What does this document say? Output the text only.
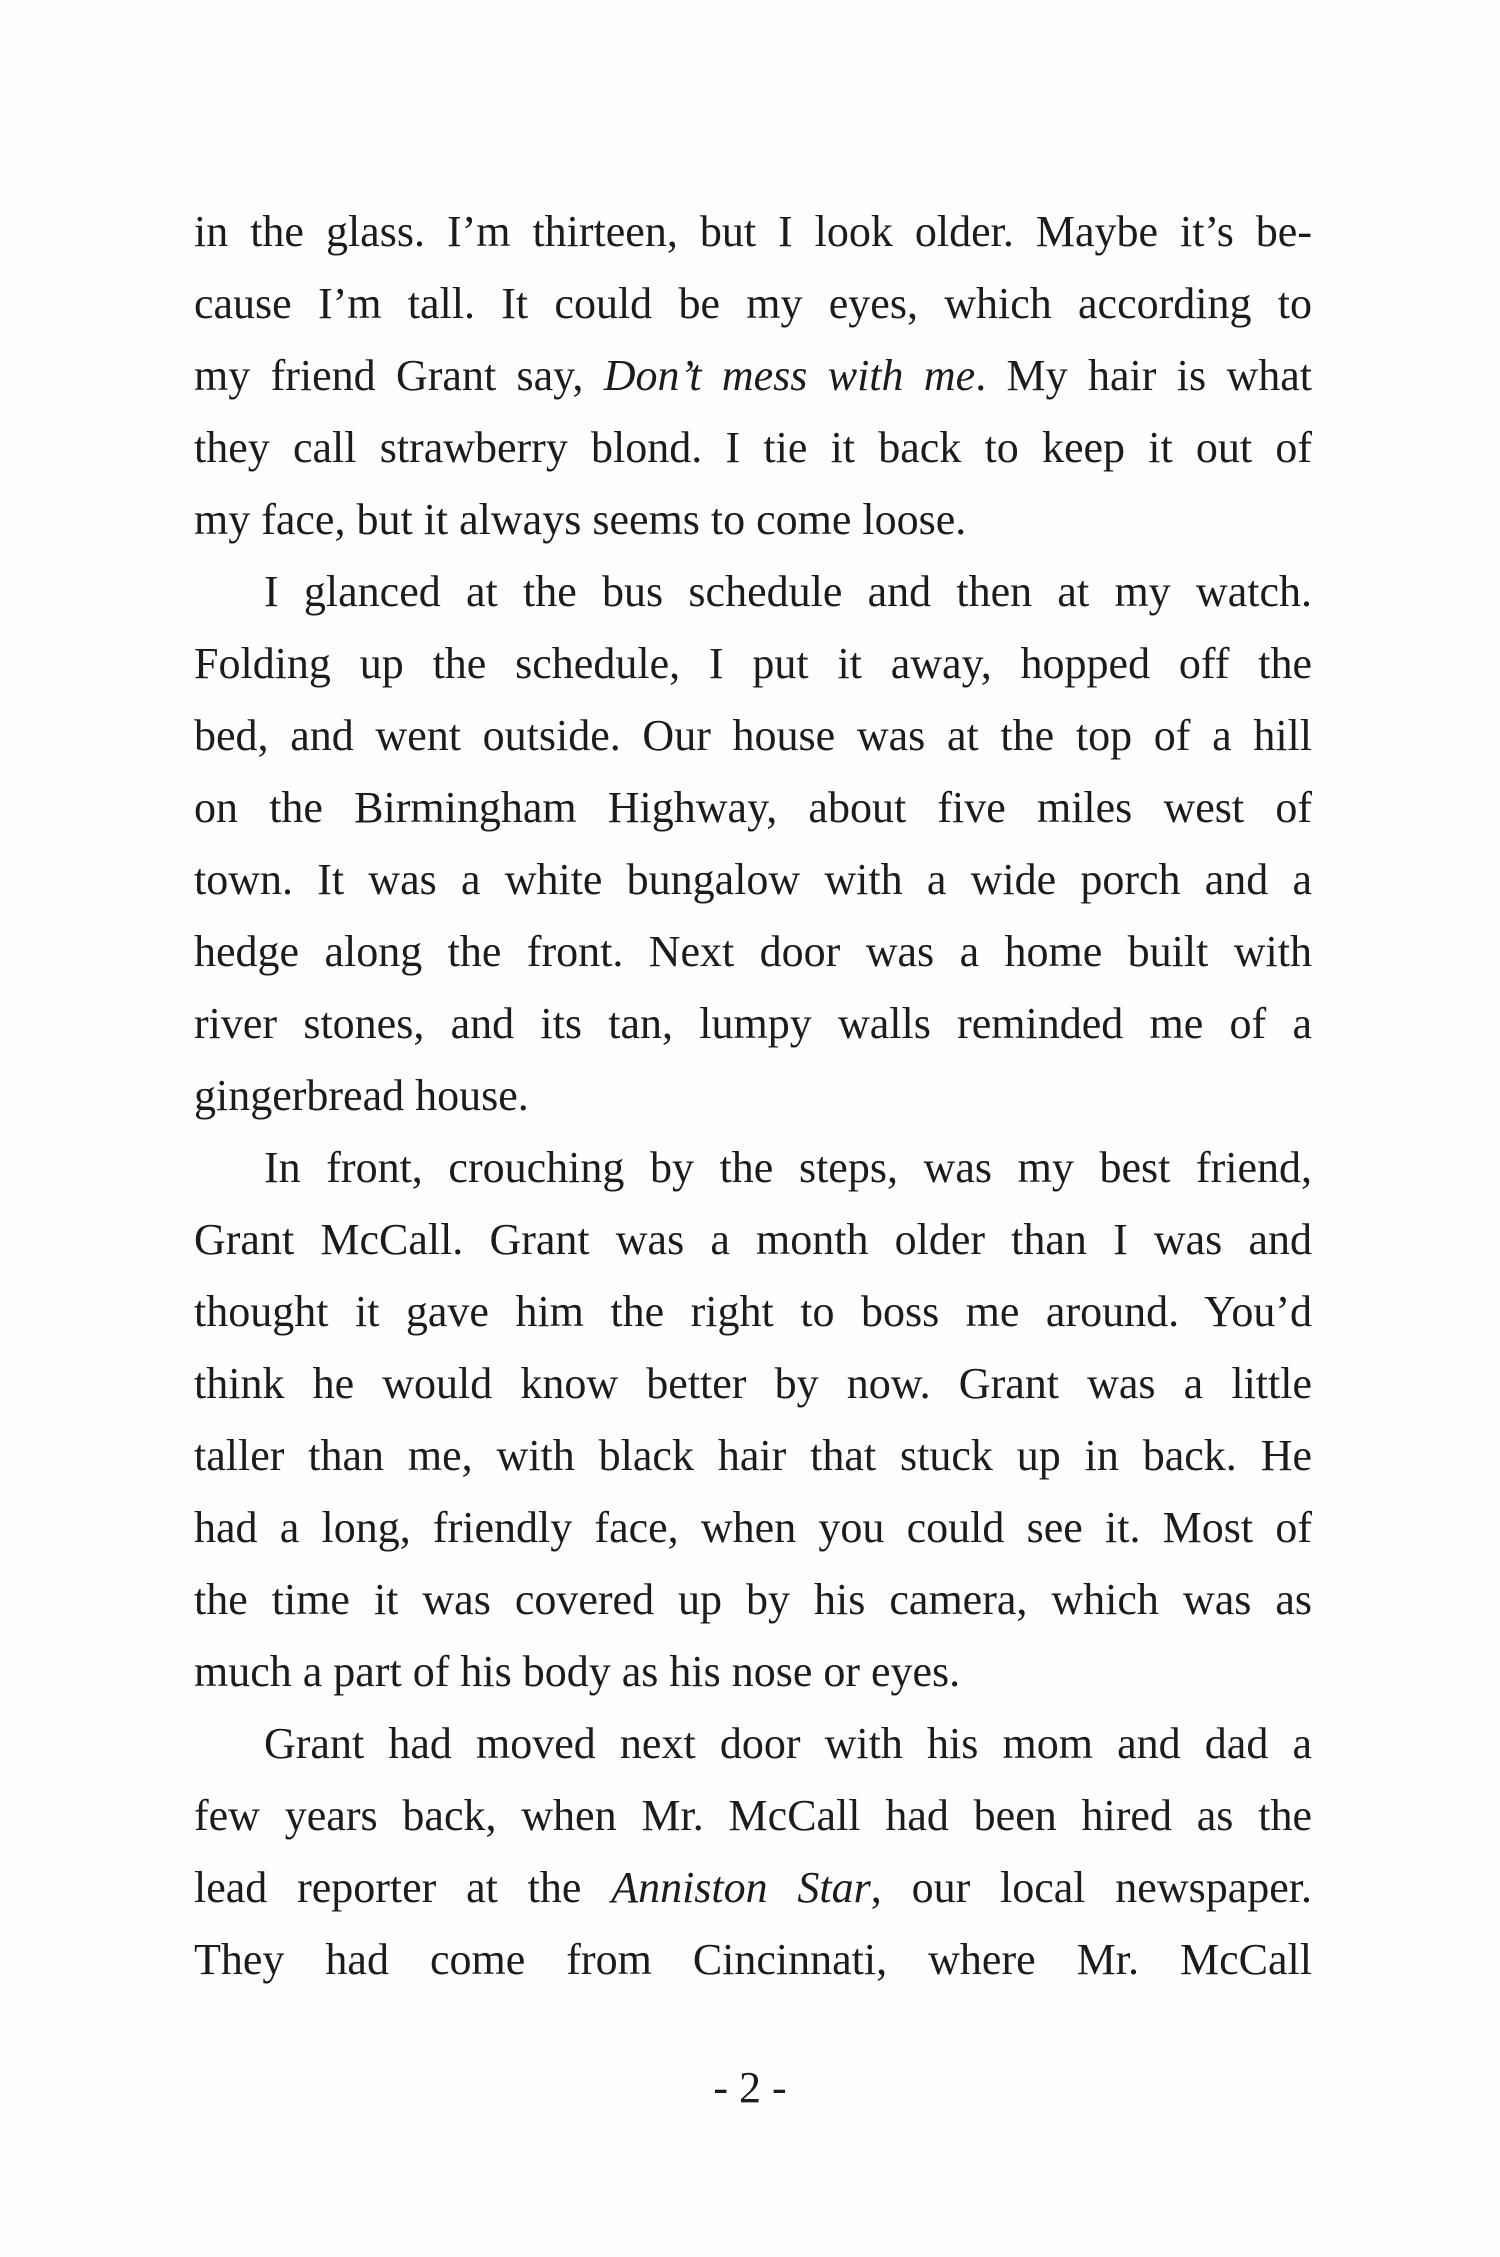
in the glass. I’m thirteen, but I look older. Maybe it’s be-
cause I’m tall. It could be my eyes, which according to
my friend Grant say, Don’t mess with me. My hair is what
they call strawberry blond. I tie it back to keep it out of
my face, but it always seems to come loose.
I glanced at the bus schedule and then at my watch.
Folding up the schedule, I put it away, hopped off the
bed, and went outside. Our house was at the top of a hill
on the Birmingham Highway, about five miles west of
town. It was a white bungalow with a wide porch and a
hedge along the front. Next door was a home built with
river stones, and its tan, lumpy walls reminded me of a
gingerbread house.
In front, crouching by the steps, was my best friend,
Grant McCall. Grant was a month older than I was and
thought it gave him the right to boss me around. You’d
think he would know better by now. Grant was a little
taller than me, with black hair that stuck up in back. He
had a long, friendly face, when you could see it. Most of
the time it was covered up by his camera, which was as
much a part of his body as his nose or eyes.
Grant had moved next door with his mom and dad a
few years back, when Mr. McCall had been hired as the
lead reporter at the Anniston Star, our local newspaper.
They had come from Cincinnati, where Mr. McCall
- 2 -
